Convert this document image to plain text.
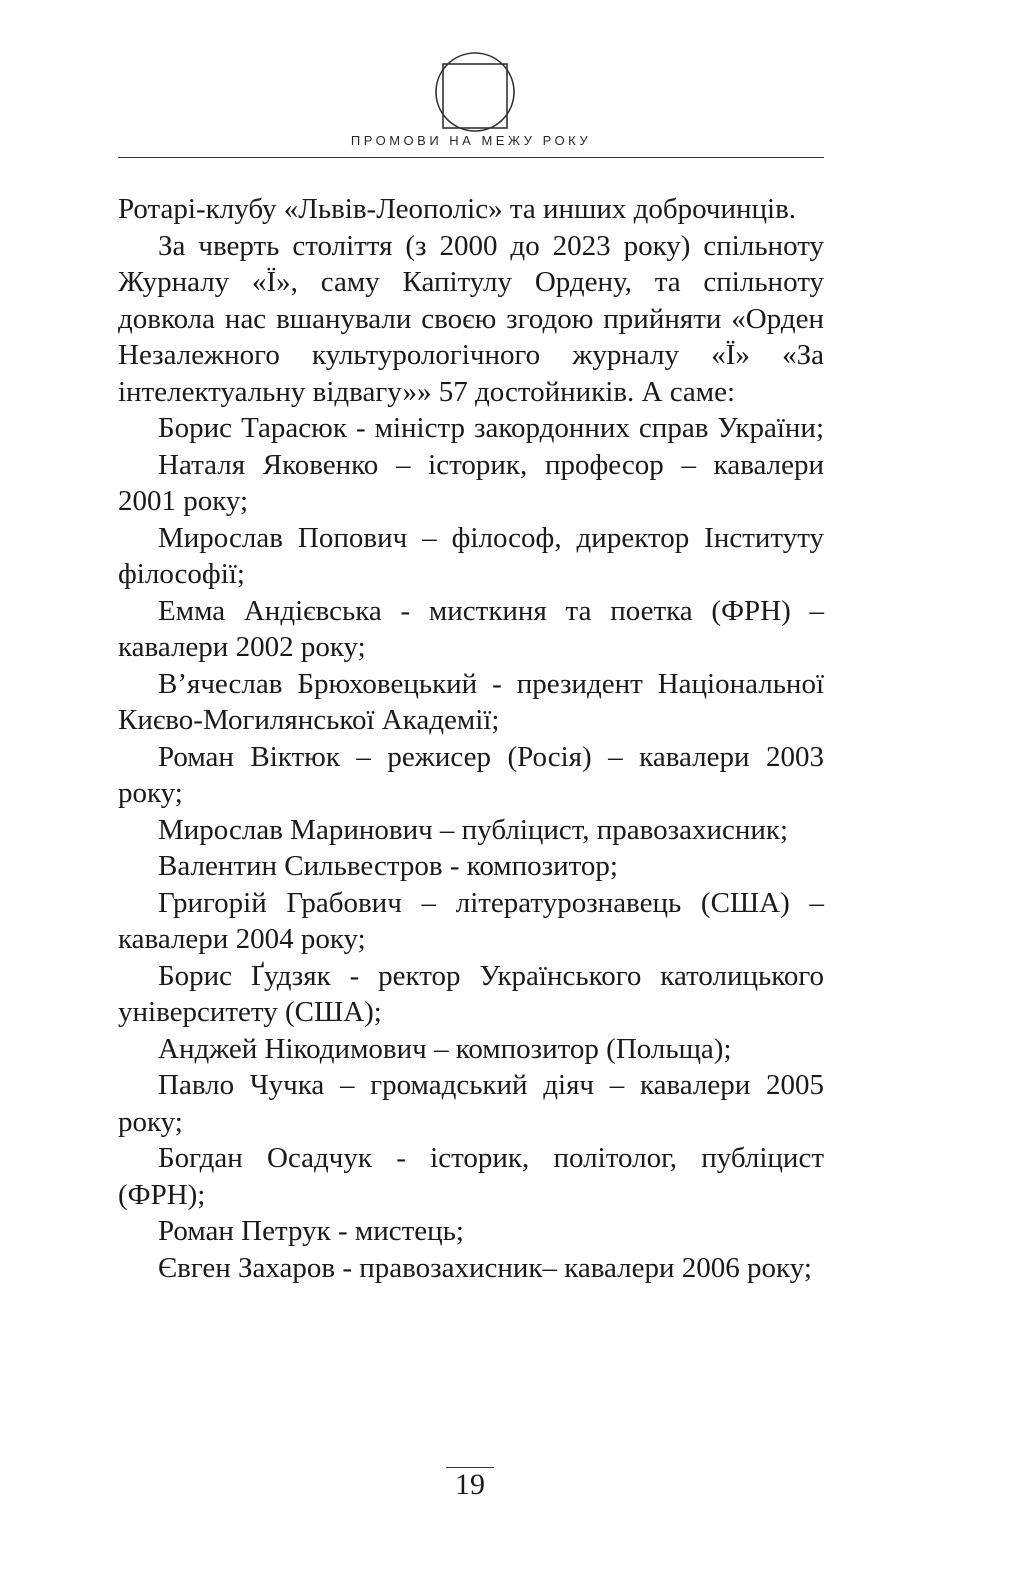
ПРОМОВИ НА МЕЖУ РОКУ

Ротарі-клубу «Львів-Леополіс» та инших доброчинців.

За чверть століття (з 2000 до 2023 року) спільноту Журналу «Ї», саму Капітулу Ордену, та спільноту довкола нас вшанували своєю згодою прийняти «Орден Незалежного культурологічного журналу «Ї» «За інтелектуальну відвагу»» 57 достойників. А саме:

Борис Тарасюк - міністр закордонних справ України;

Наталя Яковенко – історик, професор – кавалери 2001 року;

Мирослав Попович – філософ, директор Інституту філософії;

Емма Андієвська - мисткиня та поетка (ФРН) – кавалери 2002 року;

В’ячеслав Брюховецький - президент Національної Києво-Могилянської Академії;

Роман Віктюк – режисер (Росія) – кавалери 2003 року;

Мирослав Маринович – публіцист, правозахисник;

Валентин Сильвестров - композитор;

Григорій Грабович – літературознавець (США) – кавалери 2004 року;

Борис Ґудзяк - ректор Українського католицького університету (США);

Анджей Нікодимович – композитор (Польща);

Павло Чучка – громадський діяч – кавалери 2005 року;

Богдан Осадчук - історик, політолог, публіцист (ФРН);

Роман Петрук - мистець;

Євген Захаров - правозахисник– кавалери 2006 року;

19
